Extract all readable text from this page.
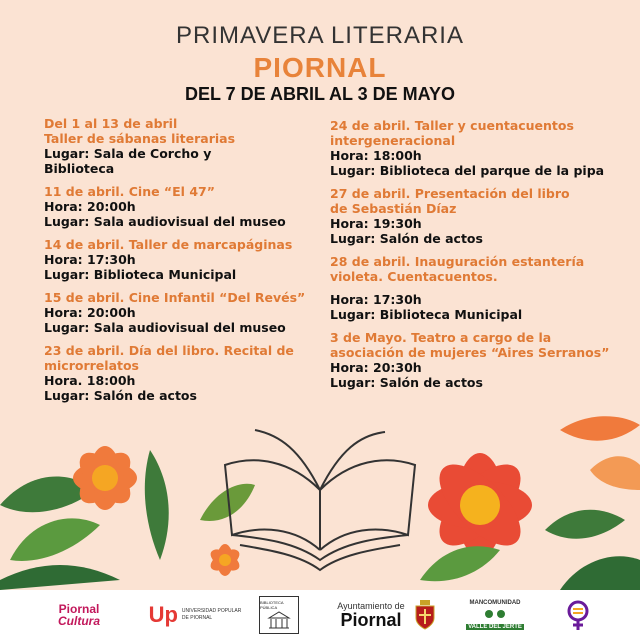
PRIMAVERA LITERARIA
PIORNAL
DEL 7 DE ABRIL AL 3 DE MAYO
Del 1 al 13 de abril
Taller de sábanas literarias
Lugar: Sala de Corcho y
Biblioteca
11 de abril. Cine “El 47”
Hora: 20:00h
Lugar: Sala audiovisual del museo
14 de abril. Taller de marcapáginas
Hora: 17:30h
Lugar: Biblioteca Municipal
15 de abril. Cine Infantil “Del Revés”
Hora: 20:00h
Lugar: Sala audiovisual del museo
23 de abril. Día del libro. Recital de
microrrelatos
Hora. 18:00h
Lugar: Salón de actos
24 de abril. Taller y cuentacuentos
intergeneracional
Hora: 18:00h
Lugar: Biblioteca del parque de la pipa
27 de abril. Presentación del libro
de Sebastián Díaz
Hora: 19:30h
Lugar: Salón de actos
28 de abril. Inauguración estantería
violeta. Cuentacuentos.
Hora: 17:30h
Lugar: Biblioteca Municipal
3 de Mayo. Teatro a cargo de la
asociación de mujeres “Aires Serranos”
Hora: 20:30h
Lugar: Salón de actos
Piornal
Cultura Up UNIVERSIDAD POPULAR
DE PIORNAL
BIBLIOTECA PÚBLICA	Ayuntamiento de
Piornal
MANCOMUNIDAD
VALLE DEL JERTE
